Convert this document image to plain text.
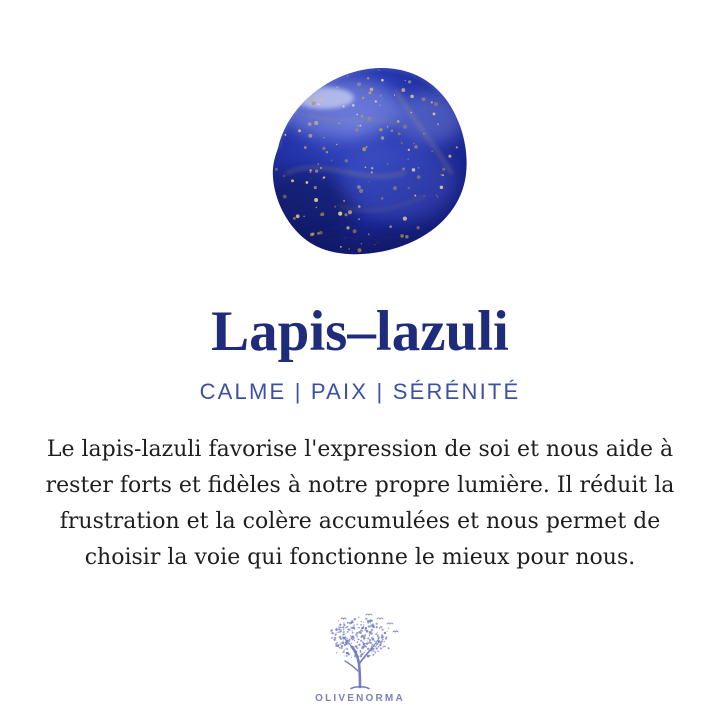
Lapis–lazuli
CALME | PAIX | SÉRÉNITÉ
Le lapis-lazuli favorise l'expression de soi et nous aide à
rester forts et fidèles à notre propre lumière. Il réduit la
frustration et la colère accumulées et nous permet de
choisir la voie qui fonctionne le mieux pour nous.
OLIVENORMA
